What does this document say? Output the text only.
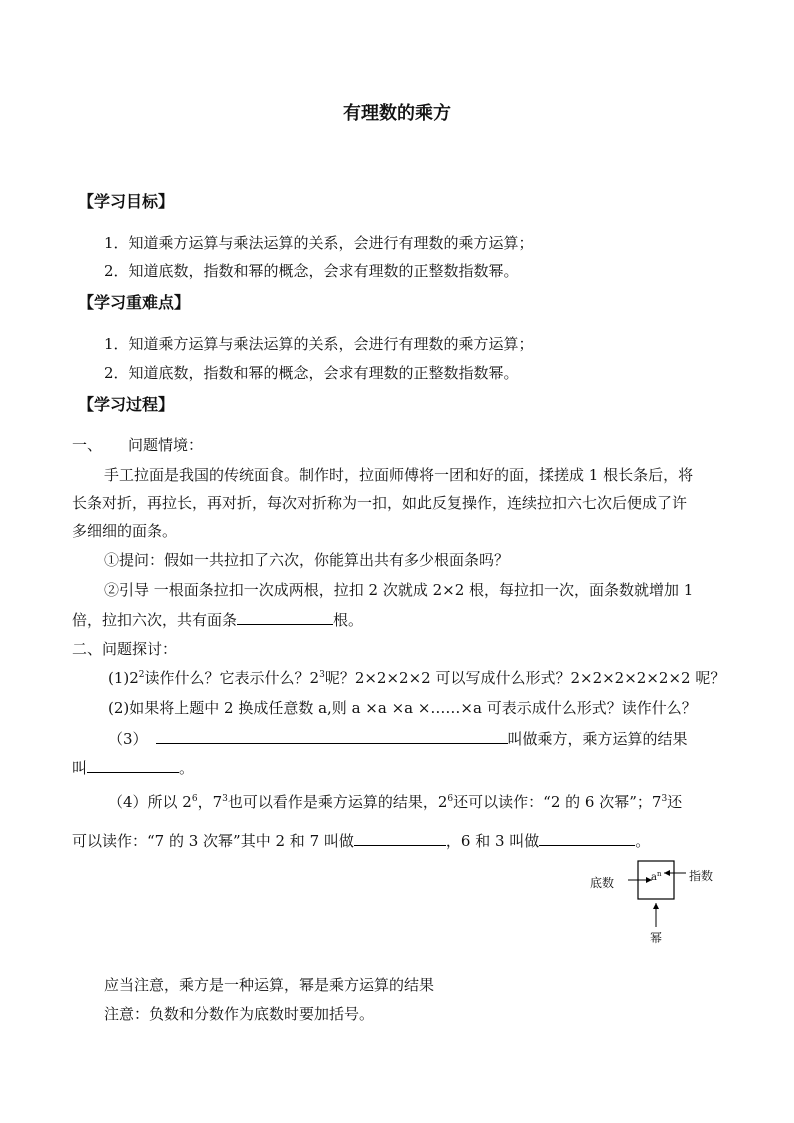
有理数的乘方
【学习目标】
1．知道乘方运算与乘法运算的关系，会进行有理数的乘方运算；
2．知道底数，指数和幂的概念，会求有理数的正整数指数幂。
【学习重难点】
1．知道乘方运算与乘法运算的关系，会进行有理数的乘方运算；
2．知道底数，指数和幂的概念，会求有理数的正整数指数幂。
【学习过程】
一、 问题情境：
手工拉面是我国的传统面食。制作时，拉面师傅将一团和好的面，揉搓成 1 根长条后，将
长条对折，再拉长，再对折，每次对折称为一扣，如此反复操作，连续拉扣六七次后便成了许
多细细的面条。
①提问：假如一共拉扣了六次，你能算出共有多少根面条吗？
②引导 一根面条拉扣一次成两根，拉扣 2 次就成 2×2 根，每拉扣一次，面条数就增加 1
倍，拉扣六次，共有面条	根。
二、问题探讨：
$(1)2^2$读作什么？它表示什么？$2^3$呢？2×2×2×2 可以写成什么形式？2×2×2×2×2×2 呢？
(2)如果将上题中 2 换成任意数 a,则 a ×a ×a ×……×a 可表示成什么形式？读作什么？
（3）	叫做乘方，乘方运算的结果
叫	。
（4）所以 $2^6$，$7^3$也可以看作是乘方运算的结果，$2^6$还可以读作：“2 的 6 次幂”；$7^3$还
可以读作：“7 的 3 次幂”其中 2 和 7 叫做	，6 和 3 叫做	。
底数	指数
幂
$a^n$
应当注意，乘方是一种运算，幂是乘方运算的结果
注意：负数和分数作为底数时要加括号。
